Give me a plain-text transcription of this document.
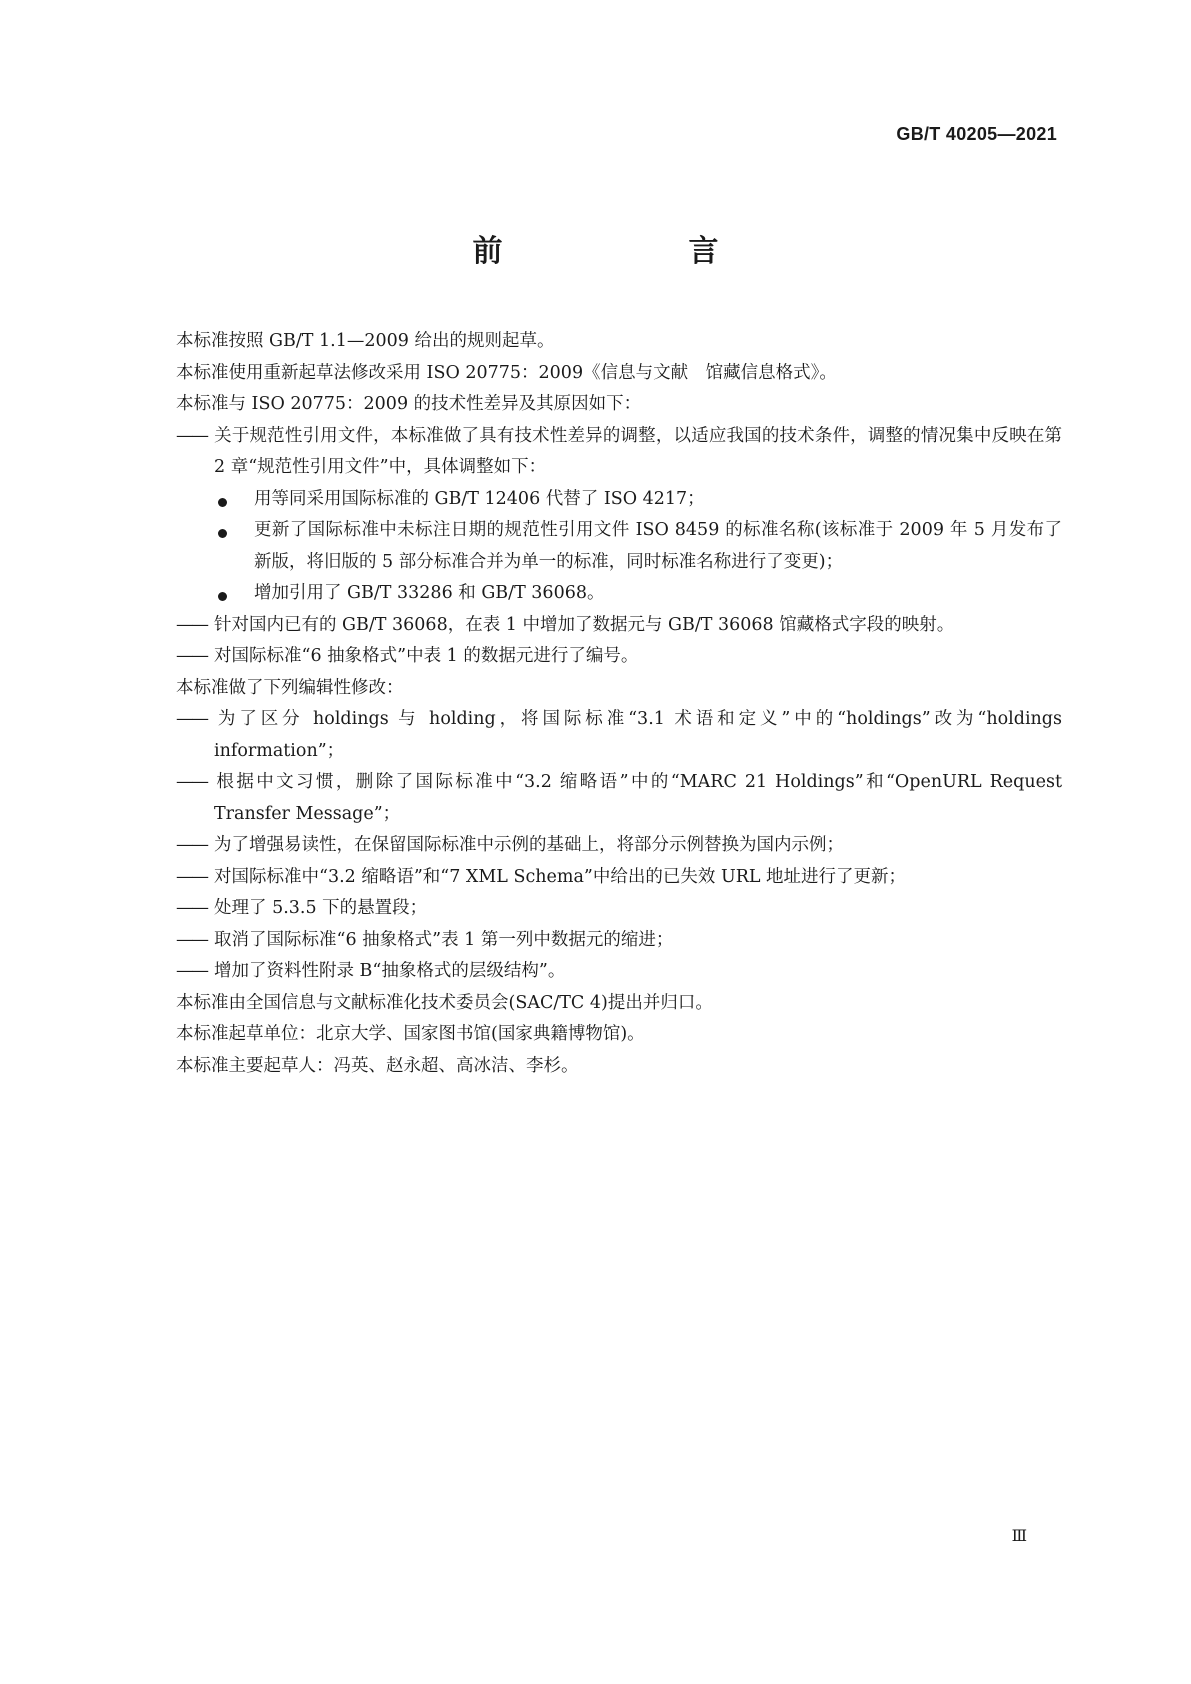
GB/T 40205—2021
前　　言

本标准按照 GB/T 1.1—2009 给出的规则起草。

本标准使用重新起草法修改采用 ISO 20775：2009《信息与文献　馆藏信息格式》。

本标准与 ISO 20775：2009 的技术性差异及其原因如下：

—— 关于规范性引用文件，本标准做了具有技术性差异的调整，以适应我国的技术条件，调整的情况集中反映在第 2 章“规范性引用文件”中，具体调整如下：

用等同采用国际标准的 GB/T 12406 代替了 ISO 4217；

更新了国际标准中未标注日期的规范性引用文件 ISO 8459 的标准名称(该标准于 2009 年 5 月发布了新版，将旧版的 5 部分标准合并为单一的标准，同时标准名称进行了变更)；

增加引用了 GB/T 33286 和 GB/T 36068。

—— 针对国内已有的 GB/T 36068，在表 1 中增加了数据元与 GB/T 36068 馆藏格式字段的映射。

—— 对国际标准“6 抽象格式”中表 1 的数据元进行了编号。

本标准做了下列编辑性修改：

—— 为了区分 holdings 与 holding，将国际标准“3.1 术语和定义”中的“holdings”改为“holdings information”；

—— 根据中文习惯，删除了国际标准中“3.2 缩略语”中的“MARC 21 Holdings”和“OpenURL Request Transfer Message”；

—— 为了增强易读性，在保留国际标准中示例的基础上，将部分示例替换为国内示例；

—— 对国际标准中“3.2 缩略语”和“7 XML Schema”中给出的已失效 URL 地址进行了更新；

—— 处理了 5.3.5 下的悬置段；

—— 取消了国际标准“6 抽象格式”表 1 第一列中数据元的缩进；

—— 增加了资料性附录 B“抽象格式的层级结构”。

本标准由全国信息与文献标准化技术委员会(SAC/TC 4)提出并归口。

本标准起草单位：北京大学、国家图书馆(国家典籍博物馆)。

本标准主要起草人：冯英、赵永超、高冰洁、李杉。

Ⅲ
